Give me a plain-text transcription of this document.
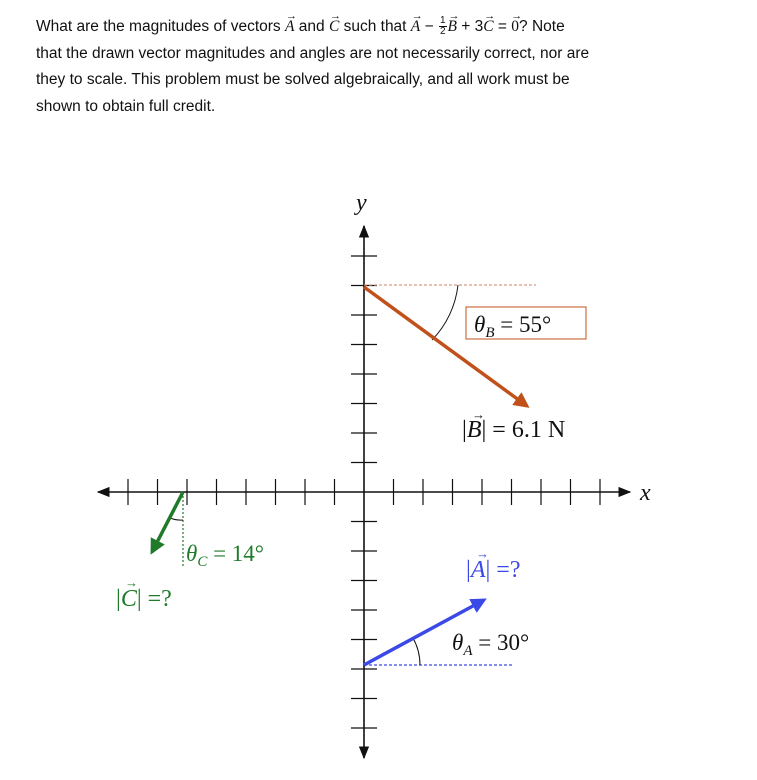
What are the magnitudes of vectors → A and → C such that → $A - \frac{1}{2}$
→ B + 3→ C = → 0? Note
that the drawn vector magnitudes and angles are not necessarily correct, nor are
they to scale. This problem must be solved algebraically, and all work must be
shown to obtain full credit.
y
x
$\theta_B = 55^\circ$
|B| = 6.1 N
→
|A| =?
→
$\theta_A = 30^\circ$
$\theta_C = 14^\circ$
|C| =?
→
